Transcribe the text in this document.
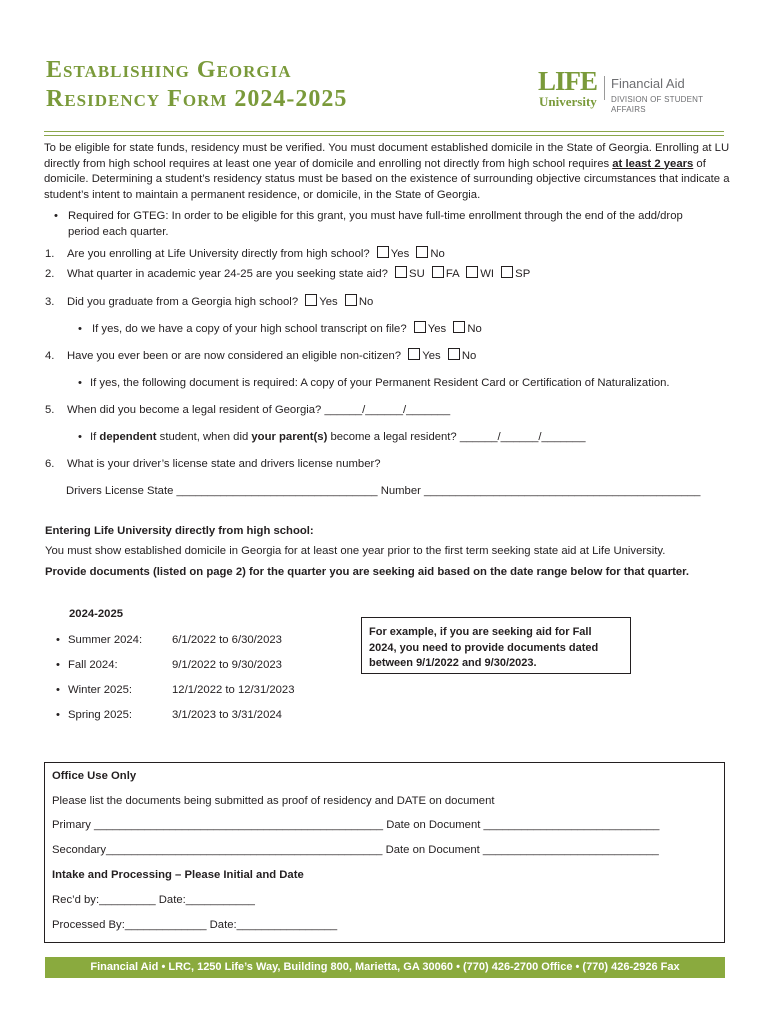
Establishing Georgia
Residency Form 2024-2025
LIFE
University
Financial Aid
DIVISION OF STUDENT AFFAIRS
To be eligible for state funds, residency must be verified. You must document established domicile in the State of Georgia. Enrolling at LU directly from high school requires at least one year of domicile and enrolling not directly from high school requires at least 2 years of domicile. Determining a student’s residency status must be based on the existence of surrounding objective circumstances that indicate a student’s intent to maintain a permanent residence, or domicile, in the State of Georgia.
• Required for GTEG: In order to be eligible for this grant, you must have full-time enrollment through the end of the add/drop
period each quarter.
1. Are you enrolling at Life University directly from high school? Yes No
2. What quarter in academic year 24-25 are you seeking state aid? SU FA WI SP
3. Did you graduate from a Georgia high school? Yes No
• If yes, do we have a copy of your high school transcript on file? Yes No
4. Have you ever been or are now considered an eligible non-citizen? Yes No
• If yes, the following document is required: A copy of your Permanent Resident Card or Certification of Naturalization.
5. When did you become a legal resident of Georgia? ______/______/_______
• If dependent student, when did your parent(s) become a legal resident? ______/______/_______
6. What is your driver’s license state and drivers license number?
Drivers License State ________________________________ Number ____________________________________________
Entering Life University directly from high school:
You must show established domicile in Georgia for at least one year prior to the first term seeking state aid at Life University.
Provide documents (listed on page 2) for the quarter you are seeking aid based on the date range below for that quarter.
2024-2025
• Summer 2024:	6/1/2022 to 6/30/2023
• Fall 2024:	9/1/2022 to 9/30/2023
• Winter 2025:	12/1/2022 to 12/31/2023
• Spring 2025:	3/1/2023 to 3/31/2024
For example, if you are seeking aid for Fall 2024, you need to provide documents dated between 9/1/2022 and 9/30/2023.
Office Use Only
Please list the documents being submitted as proof of residency and DATE on document
Primary ______________________________________________ Date on Document ____________________________
Secondary____________________________________________ Date on Document ____________________________
Intake and Processing – Please Initial and Date
Rec’d by:_________ Date:___________
Processed By:_____________ Date:________________
Financial Aid • LRC, 1250 Life’s Way, Building 800, Marietta, GA 30060 • (770) 426-2700 Office • (770) 426-2926 Fax
